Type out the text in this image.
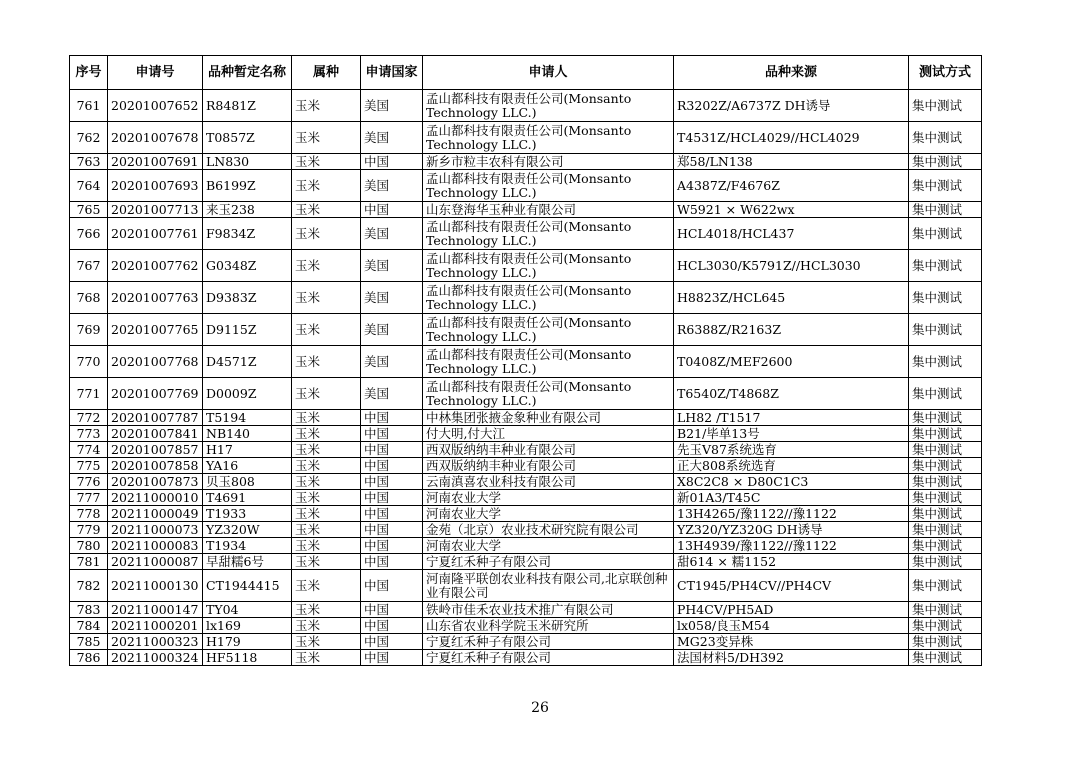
序号	申请号	品种暂定名称	属种	申请国家	申请人	品种来源	测试方式
761	20201007652	R8481Z	玉米	美国	孟山都科技有限责任公司(Monsanto Technology LLC.)	R3202Z/A6737Z DH诱导	集中测试
762	20201007678	T0857Z	玉米	美国	孟山都科技有限责任公司(Monsanto Technology LLC.)	T4531Z/HCL4029//HCL4029	集中测试
763	20201007691	LN830	玉米	中国	新乡市粒丰农科有限公司	郑58/LN138	集中测试
764	20201007693	B6199Z	玉米	美国	孟山都科技有限责任公司(Monsanto Technology LLC.)	A4387Z/F4676Z	集中测试
765	20201007713	来玉238	玉米	中国	山东登海华玉种业有限公司	W5921 × W622wx	集中测试
766	20201007761	F9834Z	玉米	美国	孟山都科技有限责任公司(Monsanto Technology LLC.)	HCL4018/HCL437	集中测试
767	20201007762	G0348Z	玉米	美国	孟山都科技有限责任公司(Monsanto Technology LLC.)	HCL3030/K5791Z//HCL3030	集中测试
768	20201007763	D9383Z	玉米	美国	孟山都科技有限责任公司(Monsanto Technology LLC.)	H8823Z/HCL645	集中测试
769	20201007765	D9115Z	玉米	美国	孟山都科技有限责任公司(Monsanto Technology LLC.)	R6388Z/R2163Z	集中测试
770	20201007768	D4571Z	玉米	美国	孟山都科技有限责任公司(Monsanto Technology LLC.)	T0408Z/MEF2600	集中测试
771	20201007769	D0009Z	玉米	美国	孟山都科技有限责任公司(Monsanto Technology LLC.)	T6540Z/T4868Z	集中测试
772	20201007787	T5194	玉米	中国	中林集团张掖金象种业有限公司	LH82 /T1517	集中测试
773	20201007841	NB140	玉米	中国	付大明,付大江	B21/毕单13号	集中测试
774	20201007857	H17	玉米	中国	西双版纳纳丰种业有限公司	先玉V87系统选育	集中测试
775	20201007858	YA16	玉米	中国	西双版纳纳丰种业有限公司	正大808系统选育	集中测试
776	20201007873	贝玉808	玉米	中国	云南滇喜农业科技有限公司	X8C2C8 × D80C1C3	集中测试
777	20211000010	T4691	玉米	中国	河南农业大学	新01A3/T45C	集中测试
778	20211000049	T1933	玉米	中国	河南农业大学	13H4265/豫1122//豫1122	集中测试
779	20211000073	YZ320W	玉米	中国	金苑（北京）农业技术研究院有限公司	YZ320/YZ320G DH诱导	集中测试
780	20211000083	T1934	玉米	中国	河南农业大学	13H4939/豫1122//豫1122	集中测试
781	20211000087	早甜糯6号	玉米	中国	宁夏红禾种子有限公司	甜614 × 糯1152	集中测试
782	20211000130	CT1944415	玉米	中国	河南隆平联创农业科技有限公司,北京联创种业有限公司	CT1945/PH4CV//PH4CV	集中测试
783	20211000147	TY04	玉米	中国	铁岭市佳禾农业技术推广有限公司	PH4CV/PH5AD	集中测试
784	20211000201	lx169	玉米	中国	山东省农业科学院玉米研究所	lx058/良玉M54	集中测试
785	20211000323	H179	玉米	中国	宁夏红禾种子有限公司	MG23变异株	集中测试
786	20211000324	HF5118	玉米	中国	宁夏红禾种子有限公司	法国材料5/DH392	集中测试
26
